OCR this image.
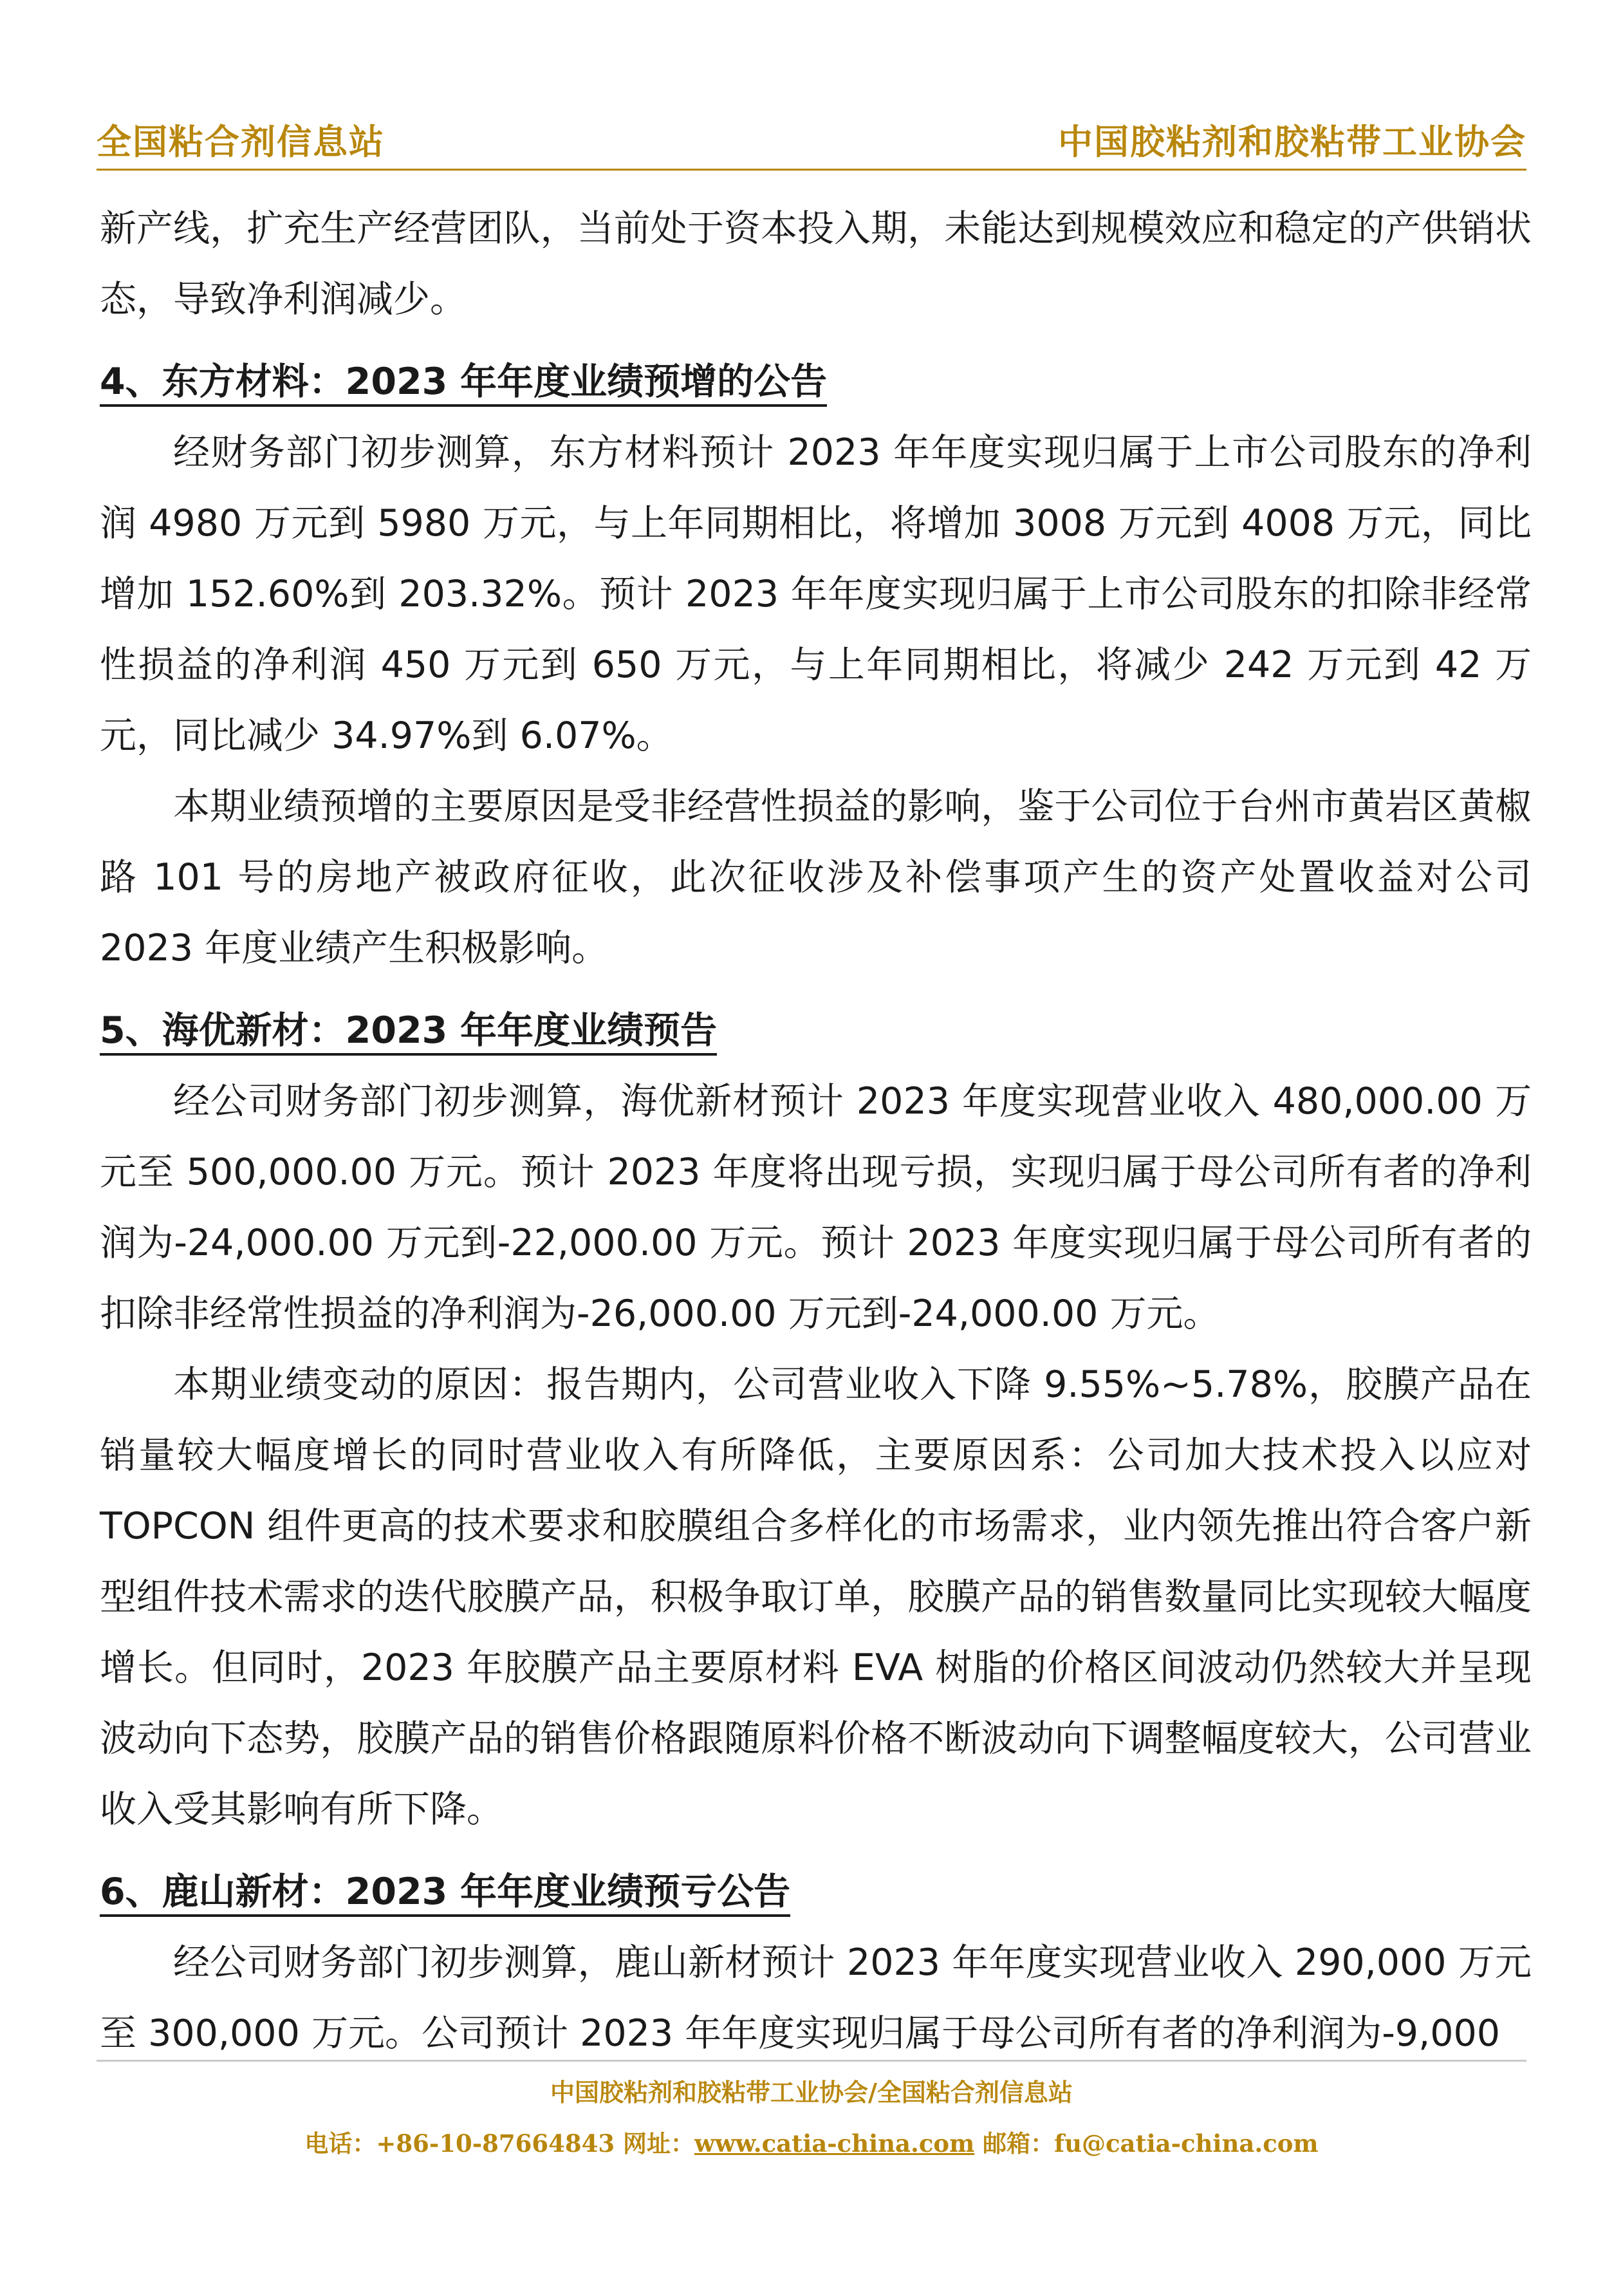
全国粘合剂信息站	中国胶粘剂和胶粘带工业协会

新产线，扩充生产经营团队，当前处于资本投入期，未能达到规模效应和稳定的产供销状态，导致净利润减少。

4、东方材料：2023 年年度业绩预增的公告

经财务部门初步测算，东方材料预计 2023 年年度实现归属于上市公司股东的净利润 4980 万元到 5980 万元，与上年同期相比，将增加 3008 万元到 4008 万元，同比增加 152.60%到 203.32%。预计 2023 年年度实现归属于上市公司股东的扣除非经常性损益的净利润 450 万元到 650 万元，与上年同期相比，将减少 242 万元到 42 万元，同比减少 34.97%到 6.07%。

本期业绩预增的主要原因是受非经营性损益的影响，鉴于公司位于台州市黄岩区黄椒路 101 号的房地产被政府征收，此次征收涉及补偿事项产生的资产处置收益对公司 2023 年度业绩产生积极影响。

5、海优新材：2023 年年度业绩预告

经公司财务部门初步测算，海优新材预计 2023 年度实现营业收入 480,000.00 万元至 500,000.00 万元。预计 2023 年度将出现亏损，实现归属于母公司所有者的净利润为-24,000.00 万元到-22,000.00 万元。预计 2023 年度实现归属于母公司所有者的扣除非经常性损益的净利润为-26,000.00 万元到-24,000.00 万元。

本期业绩变动的原因：报告期内，公司营业收入下降 9.55%~5.78%，胶膜产品在销量较大幅度增长的同时营业收入有所降低，主要原因系：公司加大技术投入以应对 TOPCON 组件更高的技术要求和胶膜组合多样化的市场需求，业内领先推出符合客户新型组件技术需求的迭代胶膜产品，积极争取订单，胶膜产品的销售数量同比实现较大幅度增长。但同时，2023 年胶膜产品主要原材料 EVA 树脂的价格区间波动仍然较大并呈现波动向下态势，胶膜产品的销售价格跟随原料价格不断波动向下调整幅度较大，公司营业收入受其影响有所下降。

6、鹿山新材：2023 年年度业绩预亏公告

经公司财务部门初步测算，鹿山新材预计 2023 年年度实现营业收入 290,000 万元至 300,000 万元。公司预计 2023 年年度实现归属于母公司所有者的净利润为-9,000

中国胶粘剂和胶粘带工业协会/全国粘合剂信息站
电话：+86-10-87664843 网址：www.catia-china.com 邮箱：fu@catia-china.com
